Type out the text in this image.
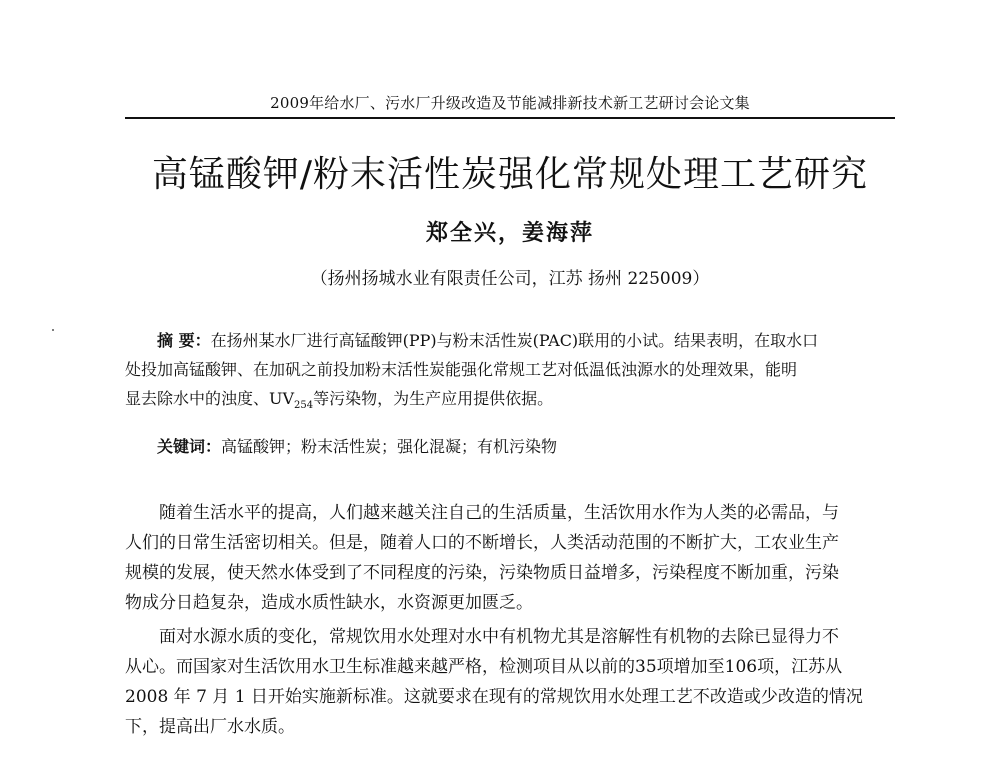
2009年给水厂、污水厂升级改造及节能减排新技术新工艺研讨会论文集
高锰酸钾/粉末活性炭强化常规处理工艺研究
郑全兴，姜海萍
（扬州扬城水业有限责任公司，江苏 扬州 225009）
摘 要：在扬州某水厂进行高锰酸钾(PP)与粉末活性炭(PAC)联用的小试。结果表明，在取水口
处投加高锰酸钾、在加矾之前投加粉末活性炭能强化常规工艺对低温低浊源水的处理效果，能明
显去除水中的浊度、$UV_{254}$等污染物，为生产应用提供依据。
关键词：高锰酸钾；粉末活性炭；强化混凝；有机污染物
随着生活水平的提高，人们越来越关注自己的生活质量，生活饮用水作为人类的必需品，与
人们的日常生活密切相关。但是，随着人口的不断增长，人类活动范围的不断扩大，工农业生产
规模的发展，使天然水体受到了不同程度的污染，污染物质日益增多，污染程度不断加重，污染
物成分日趋复杂，造成水质性缺水，水资源更加匮乏。
面对水源水质的变化，常规饮用水处理对水中有机物尤其是溶解性有机物的去除已显得力不
从心。而国家对生活饮用水卫生标准越来越严格，检测项目从以前的35项增加至106项，江苏从
2008 年 7 月 1 日开始实施新标准。这就要求在现有的常规饮用水处理工艺不改造或少改造的情况
下，提高出厂水水质。
